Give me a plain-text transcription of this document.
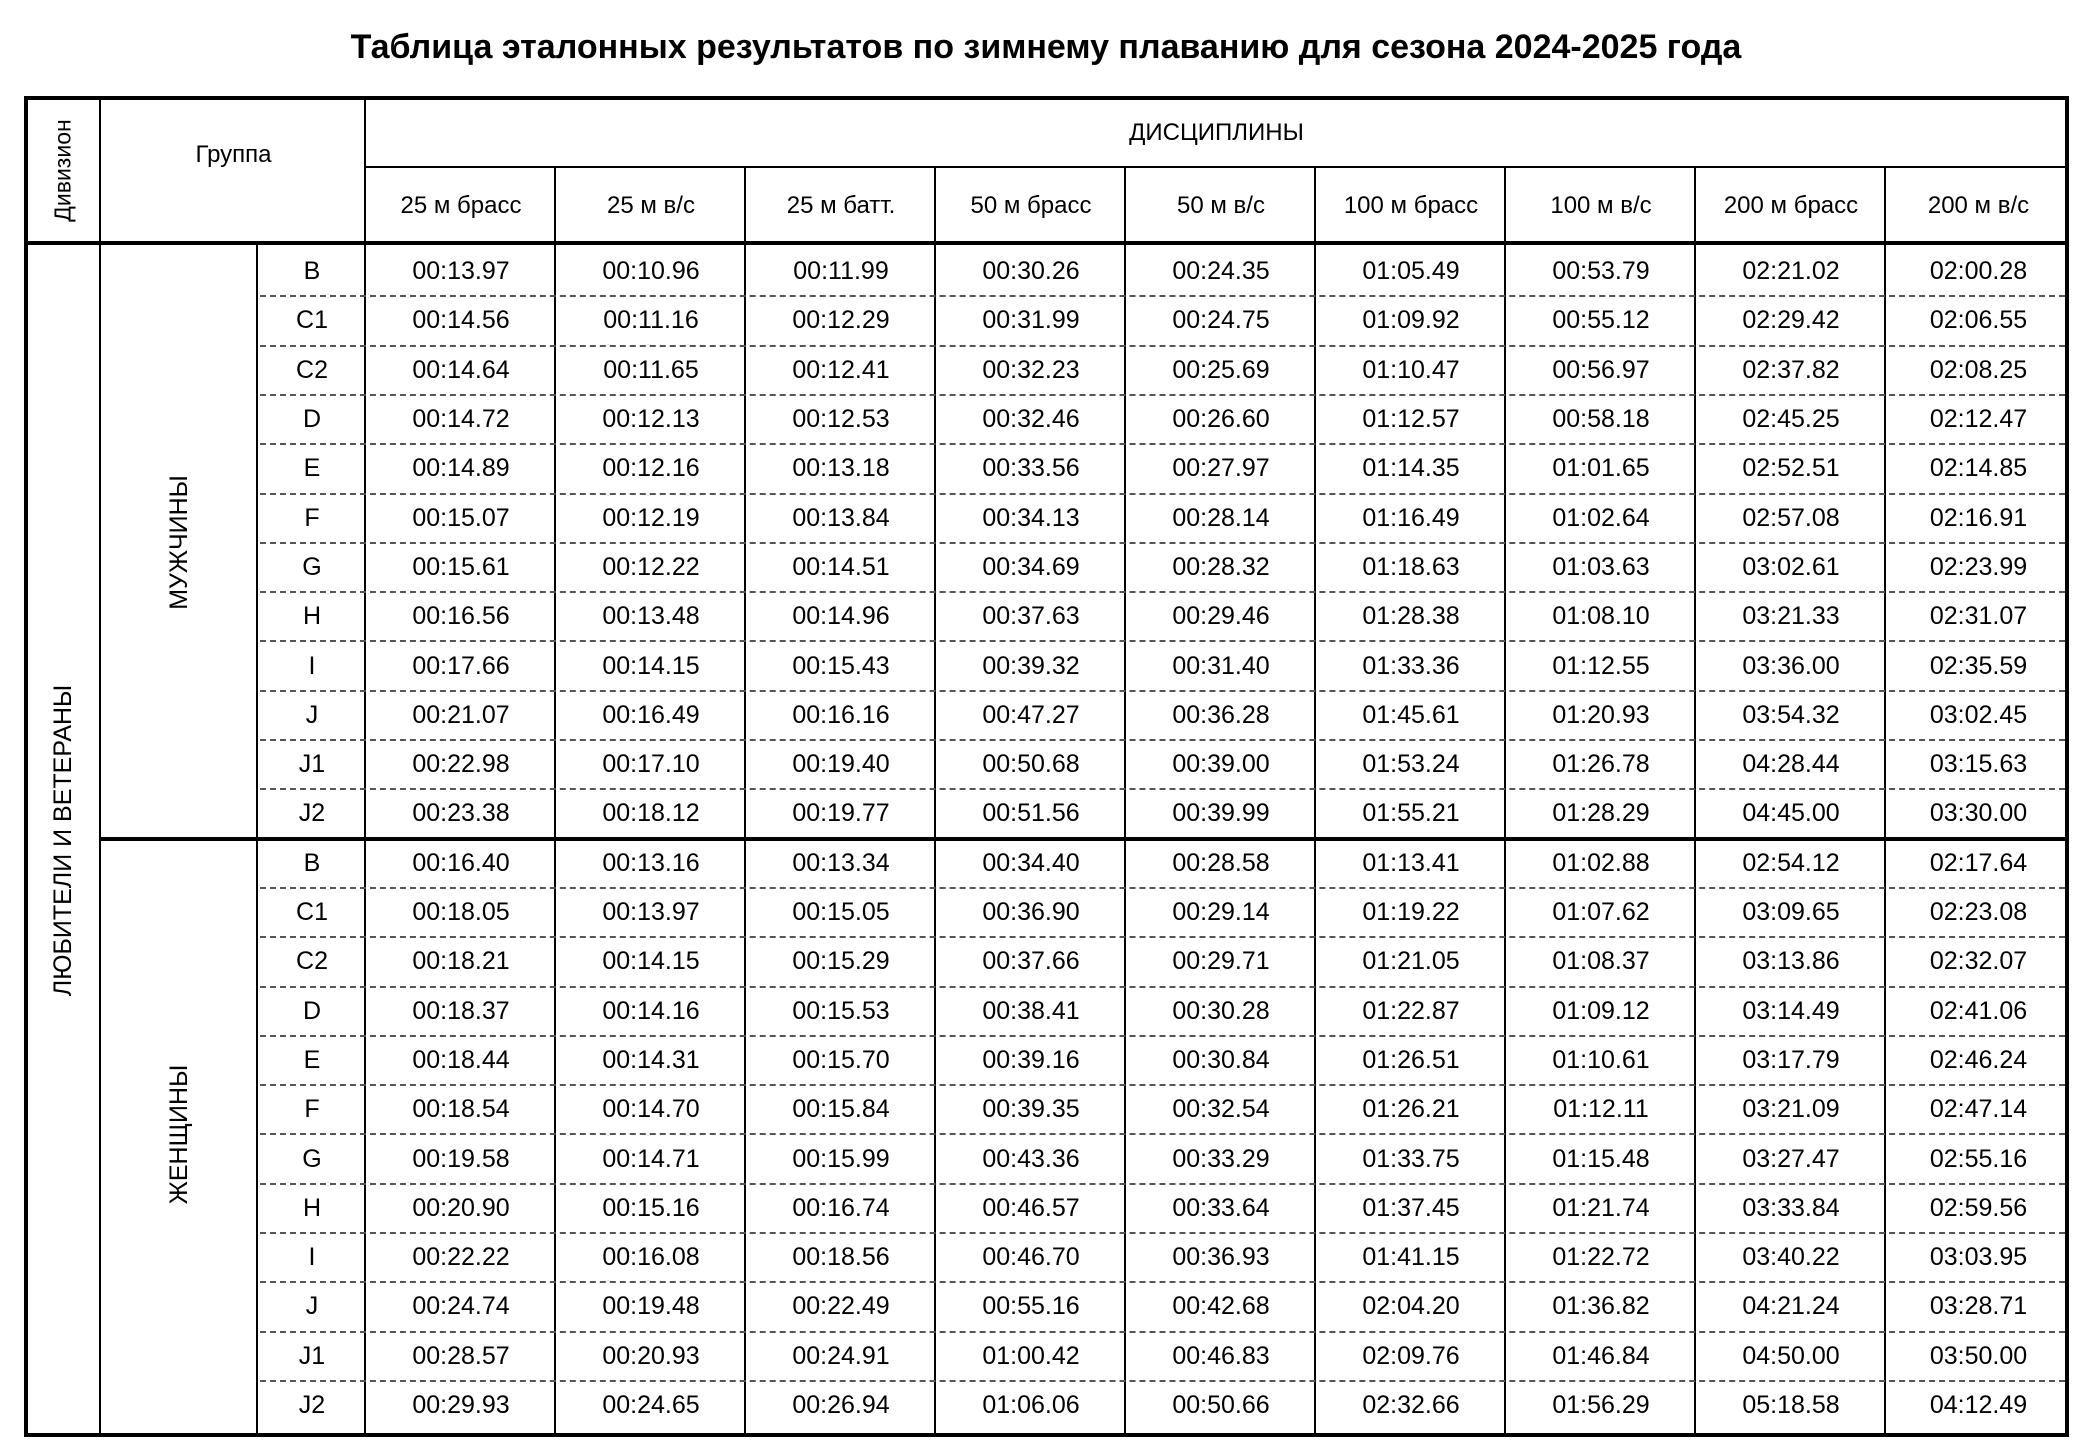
Таблица эталонных результатов по зимнему плаванию для сезона 2024-2025 года
Дивизион	Группа
ДИСЦИПЛИНЫ
25 м брасс	25 м в/с	25 м батт.	50 м брасс	50 м в/с	100 м брасс	100 м в/с	200 м брасс	200 м в/с
ЛЮБИТЕЛИ И ВЕТЕРАНЫ
МУЖЧИНЫ
B	00:13.97	00:10.96	00:11.99	00:30.26	00:24.35	01:05.49	00:53.79	02:21.02	02:00.28
C1	00:14.56	00:11.16	00:12.29	00:31.99	00:24.75	01:09.92	00:55.12	02:29.42	02:06.55
C2	00:14.64	00:11.65	00:12.41	00:32.23	00:25.69	01:10.47	00:56.97	02:37.82	02:08.25
D	00:14.72	00:12.13	00:12.53	00:32.46	00:26.60	01:12.57	00:58.18	02:45.25	02:12.47
E	00:14.89	00:12.16	00:13.18	00:33.56	00:27.97	01:14.35	01:01.65	02:52.51	02:14.85
F	00:15.07	00:12.19	00:13.84	00:34.13	00:28.14	01:16.49	01:02.64	02:57.08	02:16.91
G	00:15.61	00:12.22	00:14.51	00:34.69	00:28.32	01:18.63	01:03.63	03:02.61	02:23.99
H	00:16.56	00:13.48	00:14.96	00:37.63	00:29.46	01:28.38	01:08.10	03:21.33	02:31.07
I	00:17.66	00:14.15	00:15.43	00:39.32	00:31.40	01:33.36	01:12.55	03:36.00	02:35.59
J	00:21.07	00:16.49	00:16.16	00:47.27	00:36.28	01:45.61	01:20.93	03:54.32	03:02.45
J1	00:22.98	00:17.10	00:19.40	00:50.68	00:39.00	01:53.24	01:26.78	04:28.44	03:15.63
J2	00:23.38	00:18.12	00:19.77	00:51.56	00:39.99	01:55.21	01:28.29	04:45.00	03:30.00
ЖЕНЩИНЫ
B	00:16.40	00:13.16	00:13.34	00:34.40	00:28.58	01:13.41	01:02.88	02:54.12	02:17.64
C1	00:18.05	00:13.97	00:15.05	00:36.90	00:29.14	01:19.22	01:07.62	03:09.65	02:23.08
C2	00:18.21	00:14.15	00:15.29	00:37.66	00:29.71	01:21.05	01:08.37	03:13.86	02:32.07
D	00:18.37	00:14.16	00:15.53	00:38.41	00:30.28	01:22.87	01:09.12	03:14.49	02:41.06
E	00:18.44	00:14.31	00:15.70	00:39.16	00:30.84	01:26.51	01:10.61	03:17.79	02:46.24
F	00:18.54	00:14.70	00:15.84	00:39.35	00:32.54	01:26.21	01:12.11	03:21.09	02:47.14
G	00:19.58	00:14.71	00:15.99	00:43.36	00:33.29	01:33.75	01:15.48	03:27.47	02:55.16
H	00:20.90	00:15.16	00:16.74	00:46.57	00:33.64	01:37.45	01:21.74	03:33.84	02:59.56
I	00:22.22	00:16.08	00:18.56	00:46.70	00:36.93	01:41.15	01:22.72	03:40.22	03:03.95
J	00:24.74	00:19.48	00:22.49	00:55.16	00:42.68	02:04.20	01:36.82	04:21.24	03:28.71
J1	00:28.57	00:20.93	00:24.91	01:00.42	00:46.83	02:09.76	01:46.84	04:50.00	03:50.00
J2	00:29.93	00:24.65	00:26.94	01:06.06	00:50.66	02:32.66	01:56.29	05:18.58	04:12.49
